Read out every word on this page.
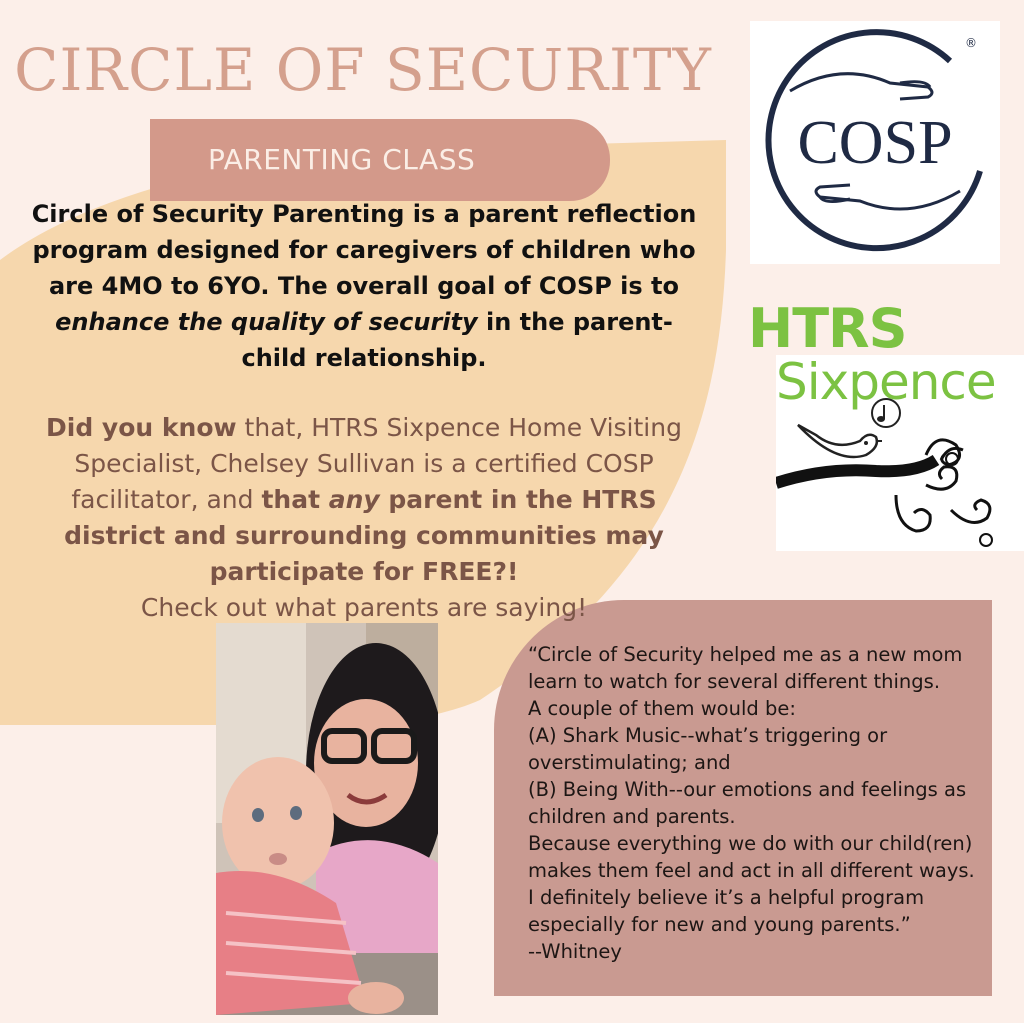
CIRCLE OF SECURITY
PARENTING CLASS

Circle of Security Parenting is a parent reflection program designed for caregivers of children who are 4MO to 6YO. The overall goal of COSP is to enhance the quality of security in the parent-child relationship.

Did you know that, HTRS Sixpence Home Visiting Specialist, Chelsey Sullivan is a certified COSP facilitator, and that any parent in the HTRS district and surrounding communities may participate for FREE?!
Check out what parents are saying!

“Circle of Security helped me as a new mom
learn to watch for several different things.
A couple of them would be:
(A) Shark Music--what’s triggering or
overstimulating; and
(B) Being With--our emotions and feelings as
children and parents.
Because everything we do with our child(ren)
makes them feel and act in all different ways.
I definitely believe it’s a helpful program
especially for new and young parents.”
--Whitney
COSP
®
HTRS
Sixpence
